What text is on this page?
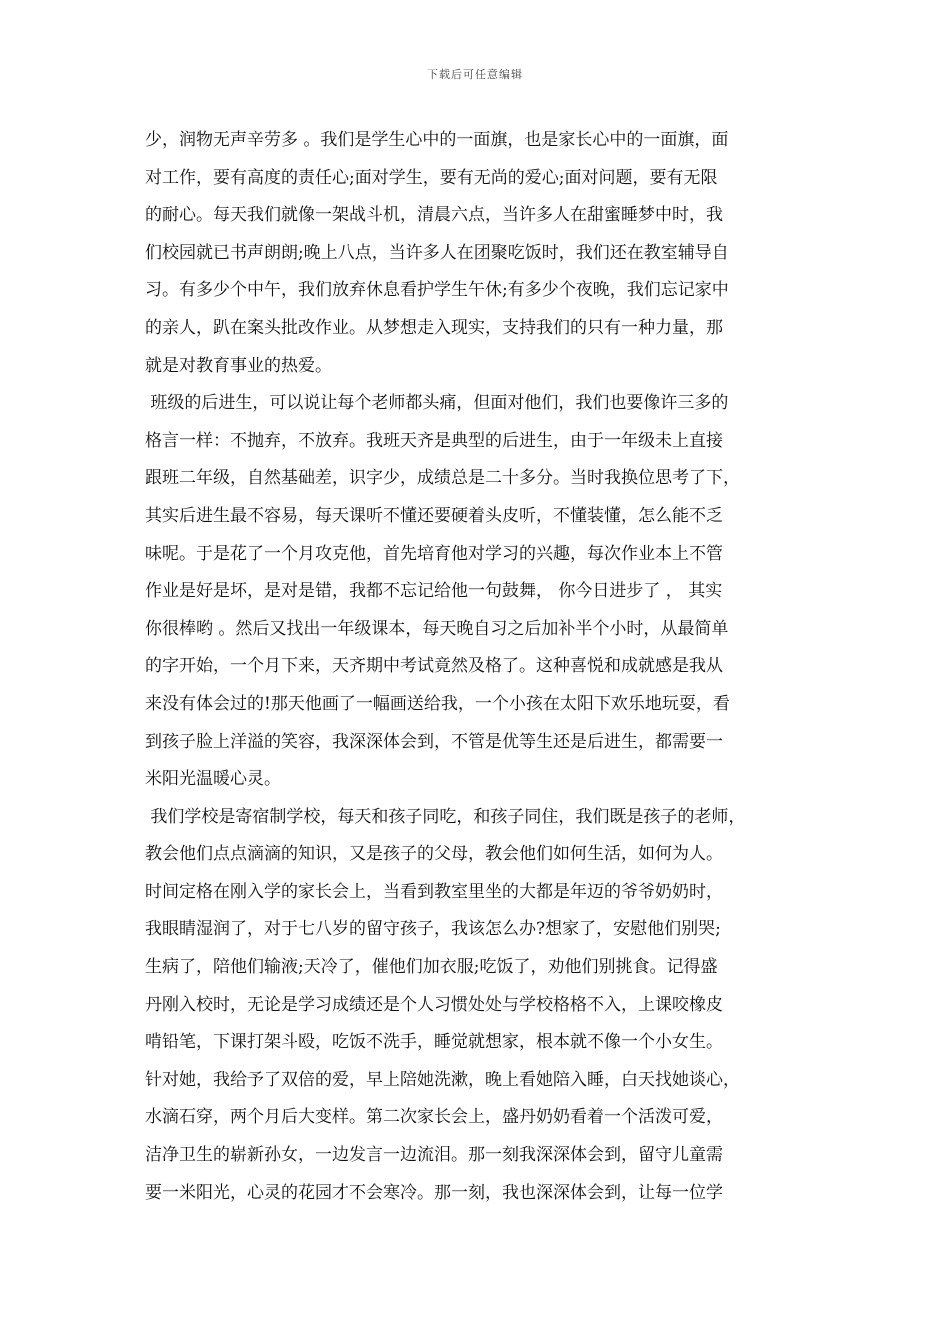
下载后可任意编辑
少，润物无声辛劳多 。我们是学生心中的一面旗，也是家长心中的一面旗，面
对工作，要有高度的责任心;面对学生，要有无尚的爱心;面对问题，要有无限
的耐心。每天我们就像一架战斗机，清晨六点，当许多人在甜蜜睡梦中时，我
们校园就已书声朗朗;晚上八点，当许多人在团聚吃饭时，我们还在教室辅导自
习。有多少个中午，我们放弃休息看护学生午休;有多少个夜晚，我们忘记家中
的亲人，趴在案头批改作业。从梦想走入现实，支持我们的只有一种力量，那
就是对教育事业的热爱。
班级的后进生，可以说让每个老师都头痛，但面对他们，我们也要像许三多的
格言一样：不抛弃，不放弃。我班天齐是典型的后进生，由于一年级未上直接
跟班二年级，自然基础差，识字少，成绩总是二十多分。当时我换位思考了下，
其实后进生最不容易，每天课听不懂还要硬着头皮听，不懂装懂，怎么能不乏
味呢。于是花了一个月攻克他，首先培育他对学习的兴趣，每次作业本上不管
作业是好是坏，是对是错，我都不忘记给他一句鼓舞， 你今日进步了 ， 其实
你很棒哟 。然后又找出一年级课本，每天晚自习之后加补半个小时，从最简单
的字开始，一个月下来，天齐期中考试竟然及格了。这种喜悦和成就感是我从
来没有体会过的!那天他画了一幅画送给我，一个小孩在太阳下欢乐地玩耍，看
到孩子脸上洋溢的笑容，我深深体会到，不管是优等生还是后进生，都需要一
米阳光温暖心灵。
我们学校是寄宿制学校，每天和孩子同吃，和孩子同住，我们既是孩子的老师，
教会他们点点滴滴的知识，又是孩子的父母，教会他们如何生活，如何为人。
时间定格在刚入学的家长会上，当看到教室里坐的大都是年迈的爷爷奶奶时，
我眼睛湿润了，对于七八岁的留守孩子，我该怎么办?想家了，安慰他们别哭;
生病了，陪他们输液;天冷了，催他们加衣服;吃饭了，劝他们别挑食。记得盛
丹刚入校时，无论是学习成绩还是个人习惯处处与学校格格不入，上课咬橡皮
啃铅笔，下课打架斗殴，吃饭不洗手，睡觉就想家，根本就不像一个小女生。
针对她，我给予了双倍的爱，早上陪她洗漱，晚上看她陪入睡，白天找她谈心，
水滴石穿，两个月后大变样。第二次家长会上，盛丹奶奶看着一个活泼可爱，
洁净卫生的崭新孙女，一边发言一边流泪。那一刻我深深体会到，留守儿童需
要一米阳光，心灵的花园才不会寒冷。那一刻，我也深深体会到，让每一位学
